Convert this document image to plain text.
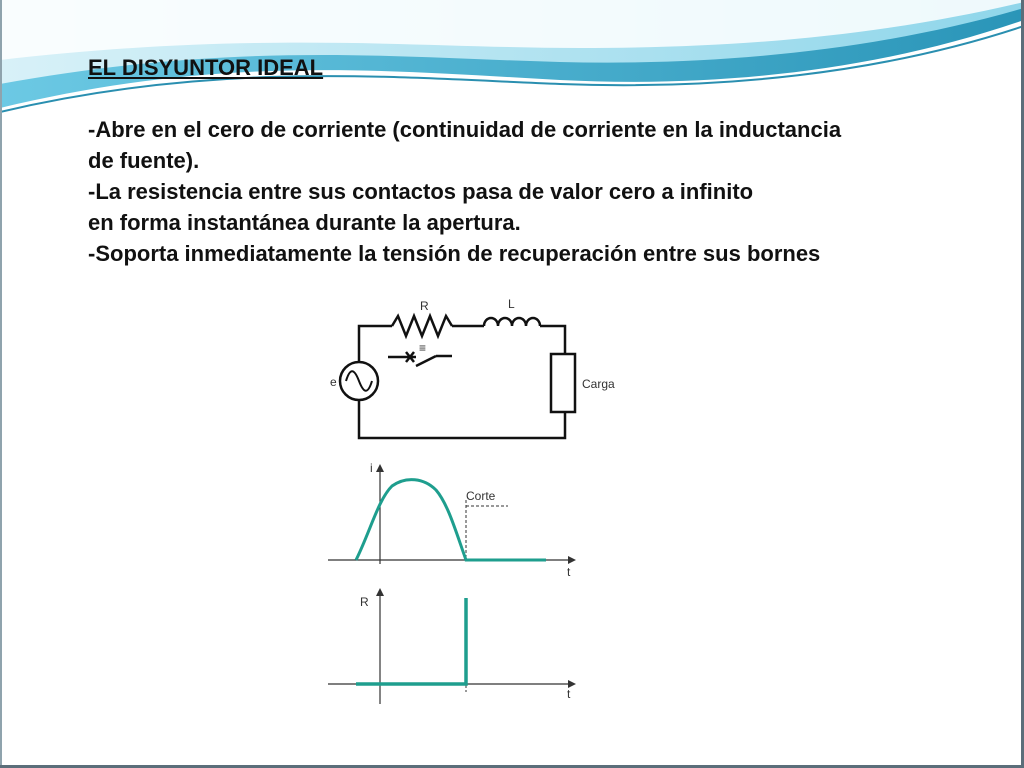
EL DISYUNTOR IDEAL
-Abre en el cero de corriente (continuidad de corriente en la inductancia
de fuente).
-La resistencia entre sus contactos pasa de valor cero a infinito
en forma instantánea durante la apertura.
-Soporta inmediatamente la tensión de recuperación entre sus bornes
R	L
e	Carga
≡
i
t
Corte
R
t
